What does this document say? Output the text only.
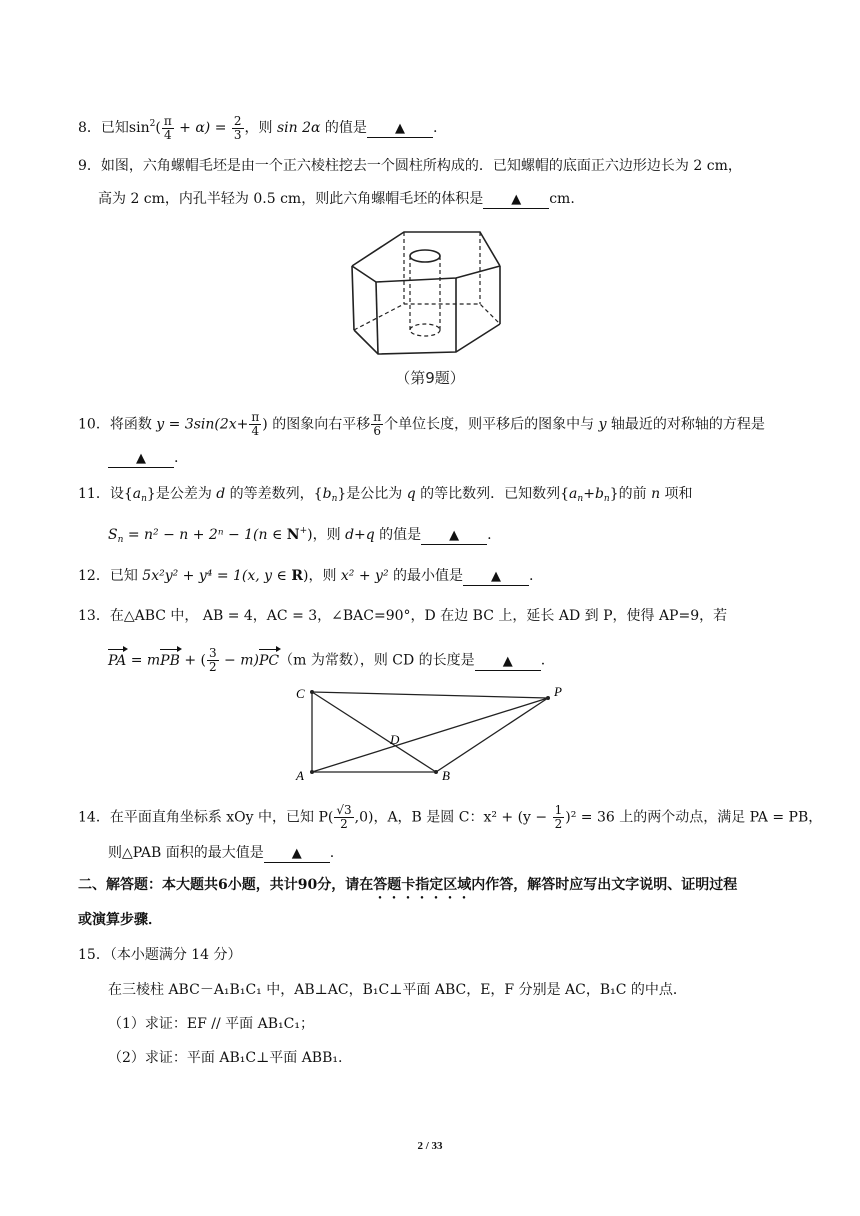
8．已知$\sin^2( \frac{\pi}{4} + \alpha) = \frac{2}{3}$ ，则 sin 2α 的值是 ▲ .
9．如图，六角螺帽毛坯是由一个正六棱柱挖去一个圆柱所构成的．已知螺帽的底面正六边形边长为 2 cm，
高为 2 cm，内孔半轻为 0.5 cm，则此六角螺帽毛坯的体积是 ▲ cm.
（第9题）
10．将函数 $y = 3\sin(2x+ \frac{\pi}{4}$ ) 的图象向右平移 $\frac{\pi}{6}$ 个单位长度，则平移后的图象中与 y 轴最近的对称轴的方程是
▲ .
11．设$\{a_n\}$是公差为 d 的等差数列，$\{b_n\}$是公比为 q 的等比数列．已知数列$\{a_n+b_n\}$的前 n 项和
$S_n = n^2 - n + 2^n - 1(n$ ∈ N+)，则 d+q 的值是 ▲ .
12．已知 5x²y² + y⁴ = 1(x, y ∈ R)，则 x² + y² 的最小值是 ▲ .
13．在△ABC 中， AB = 4，AC = 3，∠BAC=90°，D 在边 BC 上，延长 AD 到 P，使得 AP=9，若
PA = mPB + ( $\frac{3}{2} - m)PC(m$ 为常数），则 CD 的长度是 ▲ .
C	P
D
A	B
14．在平面直角坐标系 xOy 中，已知 $P( \frac{√3}{2} ,0)$，A，B 是圆 C：$x^2 + (y - \frac{1}{2} )^2 = 36$ 上的两个动点，满足 PA = PB，
则△PAB 面积的最大值是 ▲ .
二、解答题：本大题共6小题，共计90分，请在答题卡指定区域内作答，解答时应写出文字说明、证明过程
或演算步骤．
15．（本小题满分 14 分）
在三棱柱 ABC－A₁B₁C₁ 中，AB⊥AC，B₁C⊥平面 ABC，E，F 分别是 AC，B₁C 的中点．
（1）求证：EF // 平面 AB₁C₁；
（2）求证：平面 AB₁C⊥平面 ABB₁.
2 / 33
